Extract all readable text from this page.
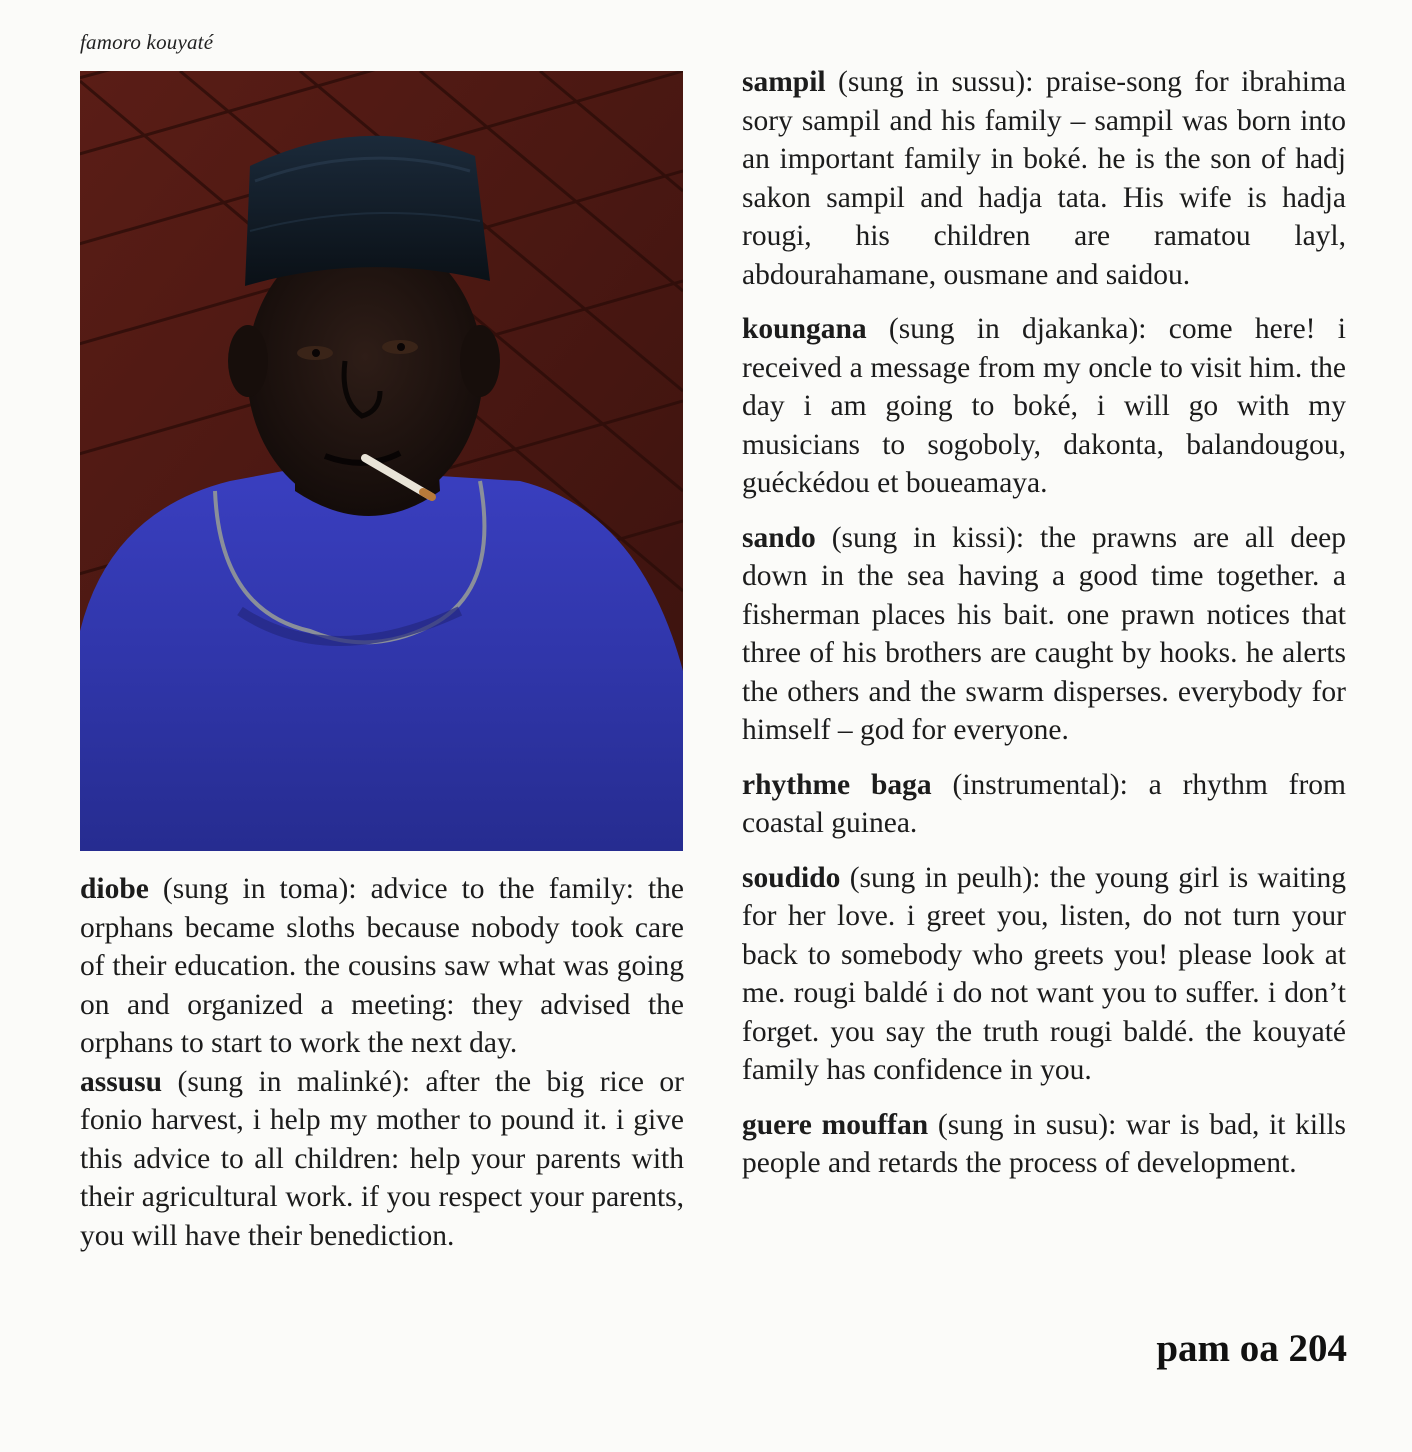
famoro kouyaté

diobe (sung in toma): advice to the family: the orphans became sloths because nobody took care of their education. the cousins saw what was going on and organized a meeting: they advised the orphans to start to work the next day.

assusu (sung in malinké): after the big rice or fonio harvest, i help my mother to pound it. i give this advice to all children: help your parents with their agricultural work. if you respect your parents, you will have their benediction.

sampil (sung in sussu): praise-song for ibrahima sory sampil and his family – sampil was born into an important family in boké. he is the son of hadj sakon sampil and hadja tata. His wife is hadja rougi, his children are ramatou layl, abdourahamane, ousmane and saidou.

koungana (sung in djakanka): come here! i received a message from my oncle to visit him. the day i am going to boké, i will go with my musicians to sogoboly, dakonta, balandougou, guéckédou et boueamaya.

sando (sung in kissi): the prawns are all deep down in the sea having a good time together. a fisherman places his bait. one prawn notices that three of his brothers are caught by hooks. he alerts the others and the swarm disperses. everybody for himself – god for everyone.

rhythme baga (instrumental): a rhythm from coastal guinea.

soudido (sung in peulh): the young girl is waiting for her love. i greet you, listen, do not turn your back to somebody who greets you! please look at me. rougi baldé i do not want you to suffer. i don’t forget. you say the truth rougi baldé. the kouyaté family has confidence in you.

guere mouffan (sung in susu): war is bad, it kills people and retards the process of development.

pam oa 204
